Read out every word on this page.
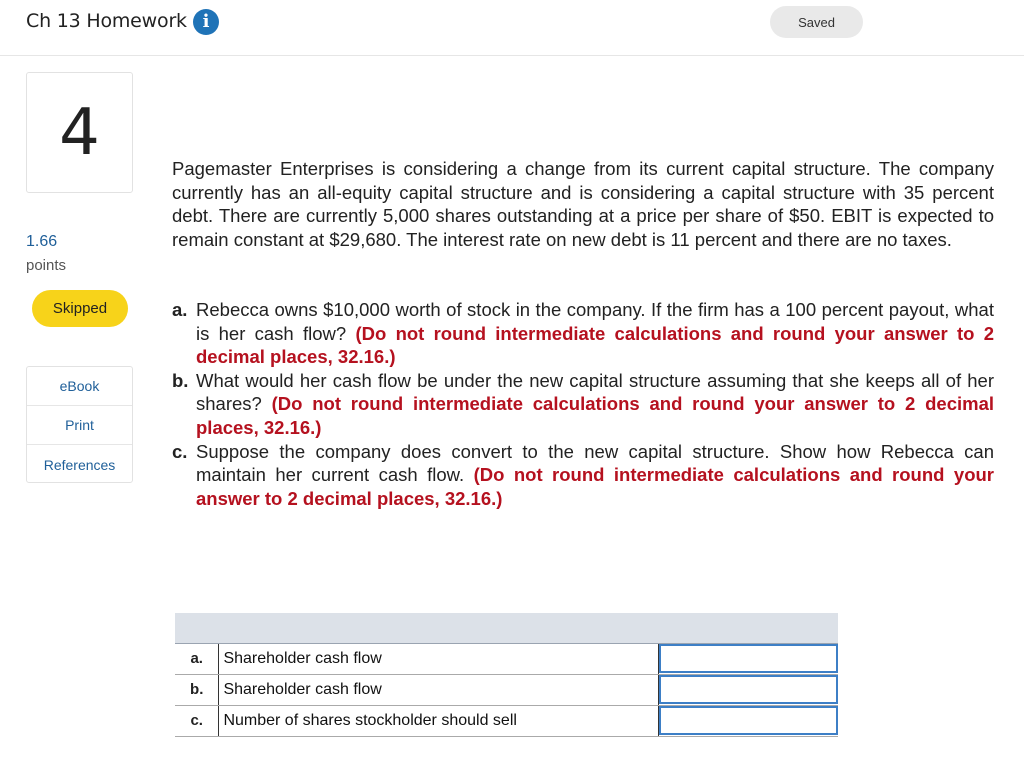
Ch 13 Homework i	Saved
4
1.66
points
Skipped
eBook
Print
References
Pagemaster Enterprises is considering a change from its current capital structure. The company currently has an all-equity capital structure and is considering a capital structure with 35 percent debt. There are currently 5,000 shares outstanding at a price per share of $50. EBIT is expected to remain constant at $29,680. The interest rate on new debt is 11 percent and there are no taxes.
a. Rebecca owns $10,000 worth of stock in the company. If the firm has a 100 percent payout, what is her cash flow? (Do not round intermediate calculations and round your answer to 2 decimal places, 32.16.)
b. What would her cash flow be under the new capital structure assuming that she keeps all of her shares? (Do not round intermediate calculations and round your answer to 2 decimal places, 32.16.)
c. Suppose the company does convert to the new capital structure. Show how Rebecca can maintain her current cash flow. (Do not round intermediate calculations and round your answer to 2 decimal places, 32.16.)

a.	Shareholder cash flow	

b.	Shareholder cash flow	

c.	Number of shares stockholder should sell	
